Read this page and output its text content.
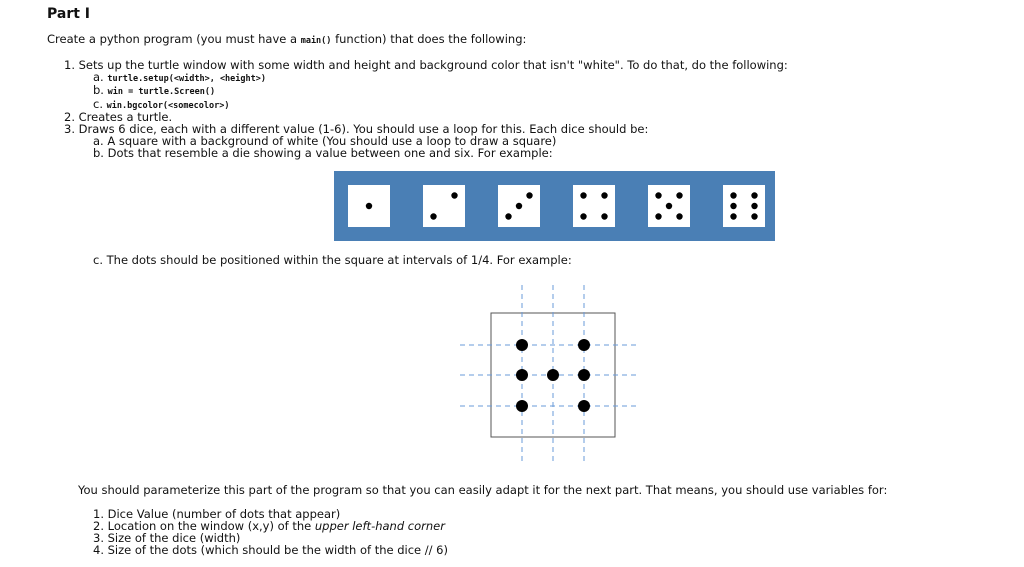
Part I
Create a python program (you must have a main() function) that does the following:
1. Sets up the turtle window with some width and height and background color that isn't "white". To do that, do the following:
a. turtle.setup(<width>, <height>)
b. win = turtle.Screen()
c. win.bgcolor(<somecolor>)
2. Creates a turtle.
3. Draws 6 dice, each with a different value (1-6). You should use a loop for this. Each dice should be:
a. A square with a background of white (You should use a loop to draw a square)
b. Dots that resemble a die showing a value between one and six. For example:
c. The dots should be positioned within the square at intervals of 1/4. For example:
You should parameterize this part of the program so that you can easily adapt it for the next part. That means, you should use variables for:
1. Dice Value (number of dots that appear)
2. Location on the window (x,y) of the upper left-hand corner
3. Size of the dice (width)
4. Size of the dots (which should be the width of the dice // 6)
